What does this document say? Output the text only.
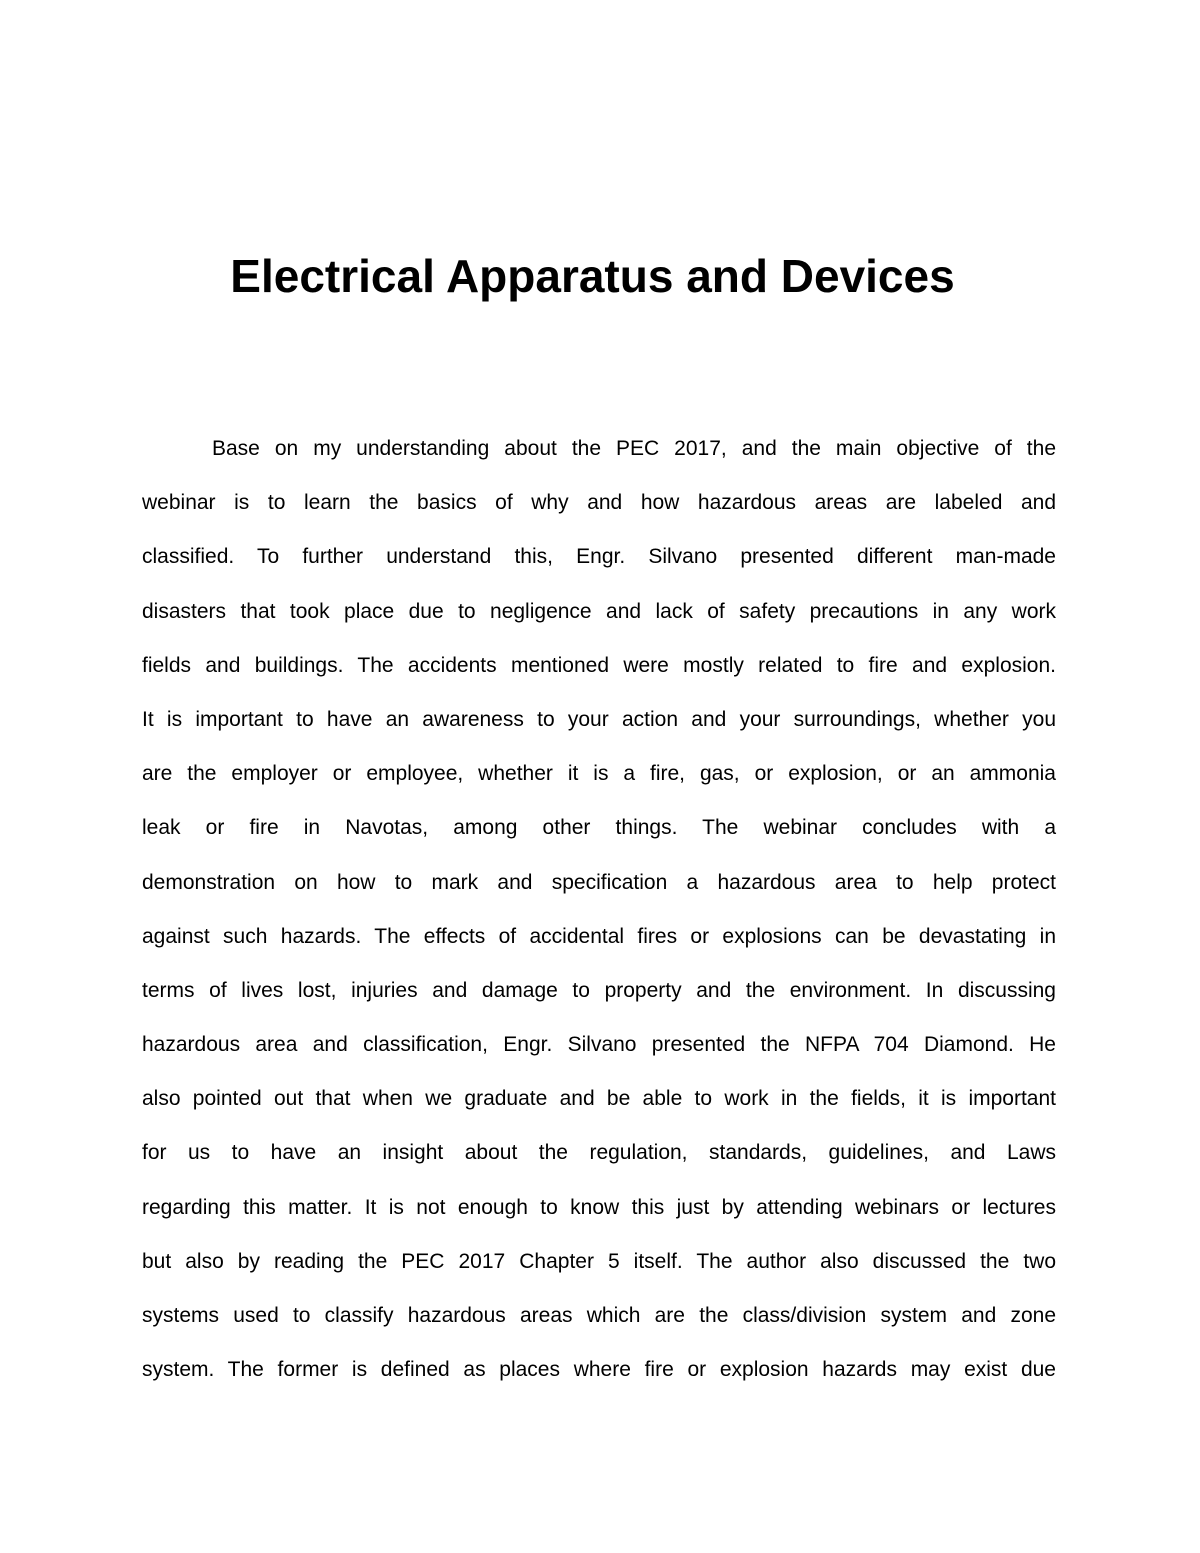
Electrical Apparatus and Devices
Base on my understanding about the PEC 2017, and the main objective of the
webinar is to learn the basics of why and how hazardous areas are labeled and
classified. To further understand this, Engr. Silvano presented different man-made
disasters that took place due to negligence and lack of safety precautions in any work
fields and buildings. The accidents mentioned were mostly related to fire and explosion.
It is important to have an awareness to your action and your surroundings, whether you
are the employer or employee, whether it is a fire, gas, or explosion, or an ammonia
leak or fire in Navotas, among other things. The webinar concludes with a
demonstration on how to mark and specification a hazardous area to help protect
against such hazards. The effects of accidental fires or explosions can be devastating in
terms of lives lost, injuries and damage to property and the environment. In discussing
hazardous area and classification, Engr. Silvano presented the NFPA 704 Diamond. He
also pointed out that when we graduate and be able to work in the fields, it is important
for us to have an insight about the regulation, standards, guidelines, and Laws
regarding this matter. It is not enough to know this just by attending webinars or lectures
but also by reading the PEC 2017 Chapter 5 itself. The author also discussed the two
systems used to classify hazardous areas which are the class/division system and zone
system. The former is defined as places where fire or explosion hazards may exist due
